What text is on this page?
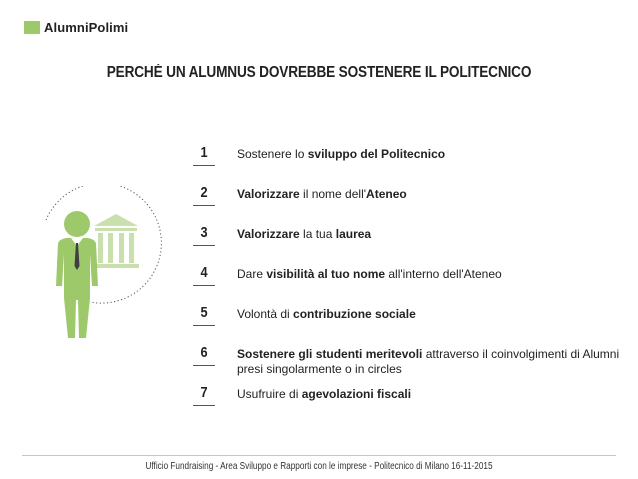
AlumniPolimi
PERCHÉ UN ALUMNUS DOVREBBE SOSTENERE IL POLITECNICO
1	Sostenere lo sviluppo del Politecnico
2	Valorizzare il nome dell'Ateneo
3	Valorizzare la tua laurea
4	Dare visibilità al tuo nome all'interno dell'Ateneo
5	Volontà di contribuzione sociale
6	Sostenere gli studenti meritevoli attraverso il coinvolgimenti di Alumni presi singolarmente o in circles
7	Usufruire di agevolazioni fiscali
Ufficio Fundraising - Area Sviluppo e Rapporti con le imprese - Politecnico di Milano 16-11-2015
